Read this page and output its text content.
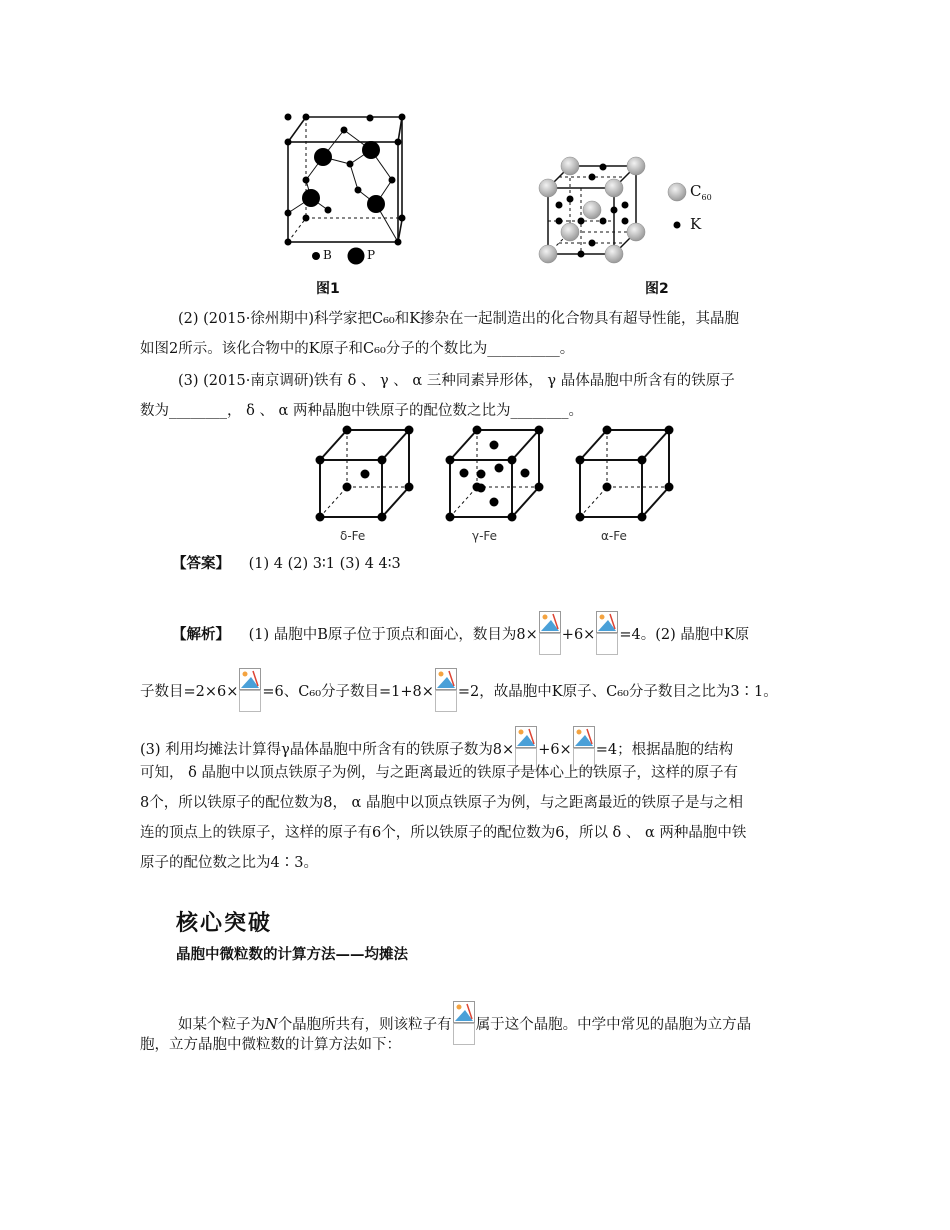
B	P
图1
$C_{60}$
K
图2
(2) (2015·徐州期中)科学家把C₆₀和K掺杂在一起制造出的化合物具有超导性能，其晶胞
如图2所示。该化合物中的K原子和C₆₀分子的个数比为__________。
(3) (2015·南京调研)铁有 δ 、 γ 、 α 三种同素异形体， γ 晶体晶胞中所含有的铁原子
数为________， δ 、 α 两种晶胞中铁原子的配位数之比为________。
δ-Fe	γ-Fe	α-Fe
【答案】 (1) 4 (2) 3∶1 (3) 4 4∶3
【解析】 (1) 晶胞中B原子位于顶点和面心，数目为8× +6× =4。(2) 晶胞中K原
子数目=2×6× =6、C₆₀分子数目=1+8× =2，故晶胞中K原子、C₆₀分子数目之比为3∶1。
(3) 利用均摊法计算得γ晶体晶胞中所含有的铁原子数为8× +6× =4；根据晶胞的结构
可知， δ 晶胞中以顶点铁原子为例，与之距离最近的铁原子是体心上的铁原子，这样的原子有
8个，所以铁原子的配位数为8， α 晶胞中以顶点铁原子为例，与之距离最近的铁原子是与之相
连的顶点上的铁原子，这样的原子有6个，所以铁原子的配位数为6，所以 δ 、 α 两种晶胞中铁
原子的配位数之比为4∶3。
核心突破
晶胞中微粒数的计算方法——均摊法
如某个粒子为N个晶胞所共有，则该粒子有 属于这个晶胞。中学中常见的晶胞为立方晶
胞，立方晶胞中微粒数的计算方法如下：
